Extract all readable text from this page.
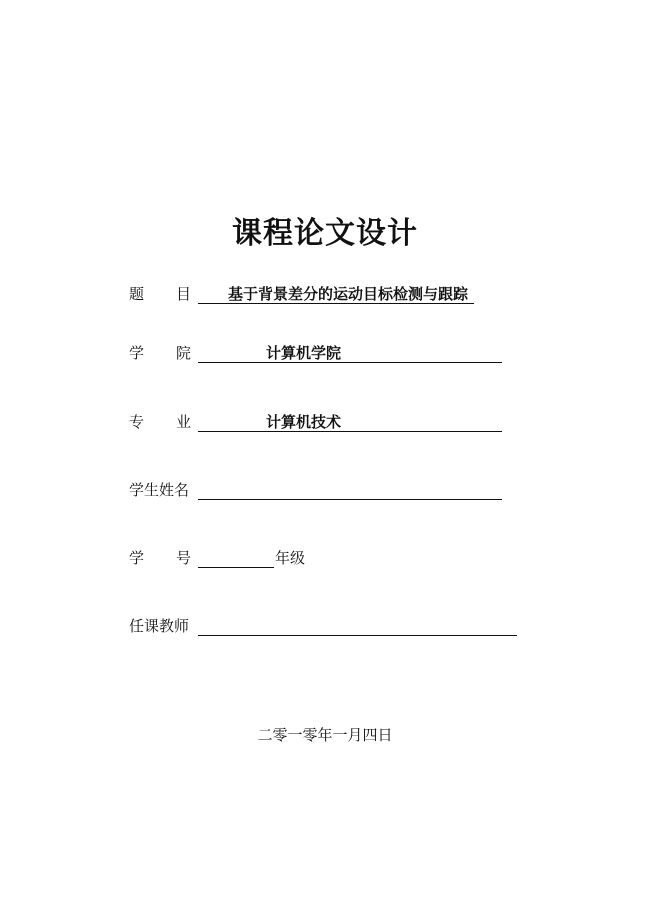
课程论文设计
题 目 基于背景差分的运动目标检测与跟踪
学 院	计算机学院
专 业	计算机技术
学生姓名
学 号	年级
任课教师
二零一零年一月四日
